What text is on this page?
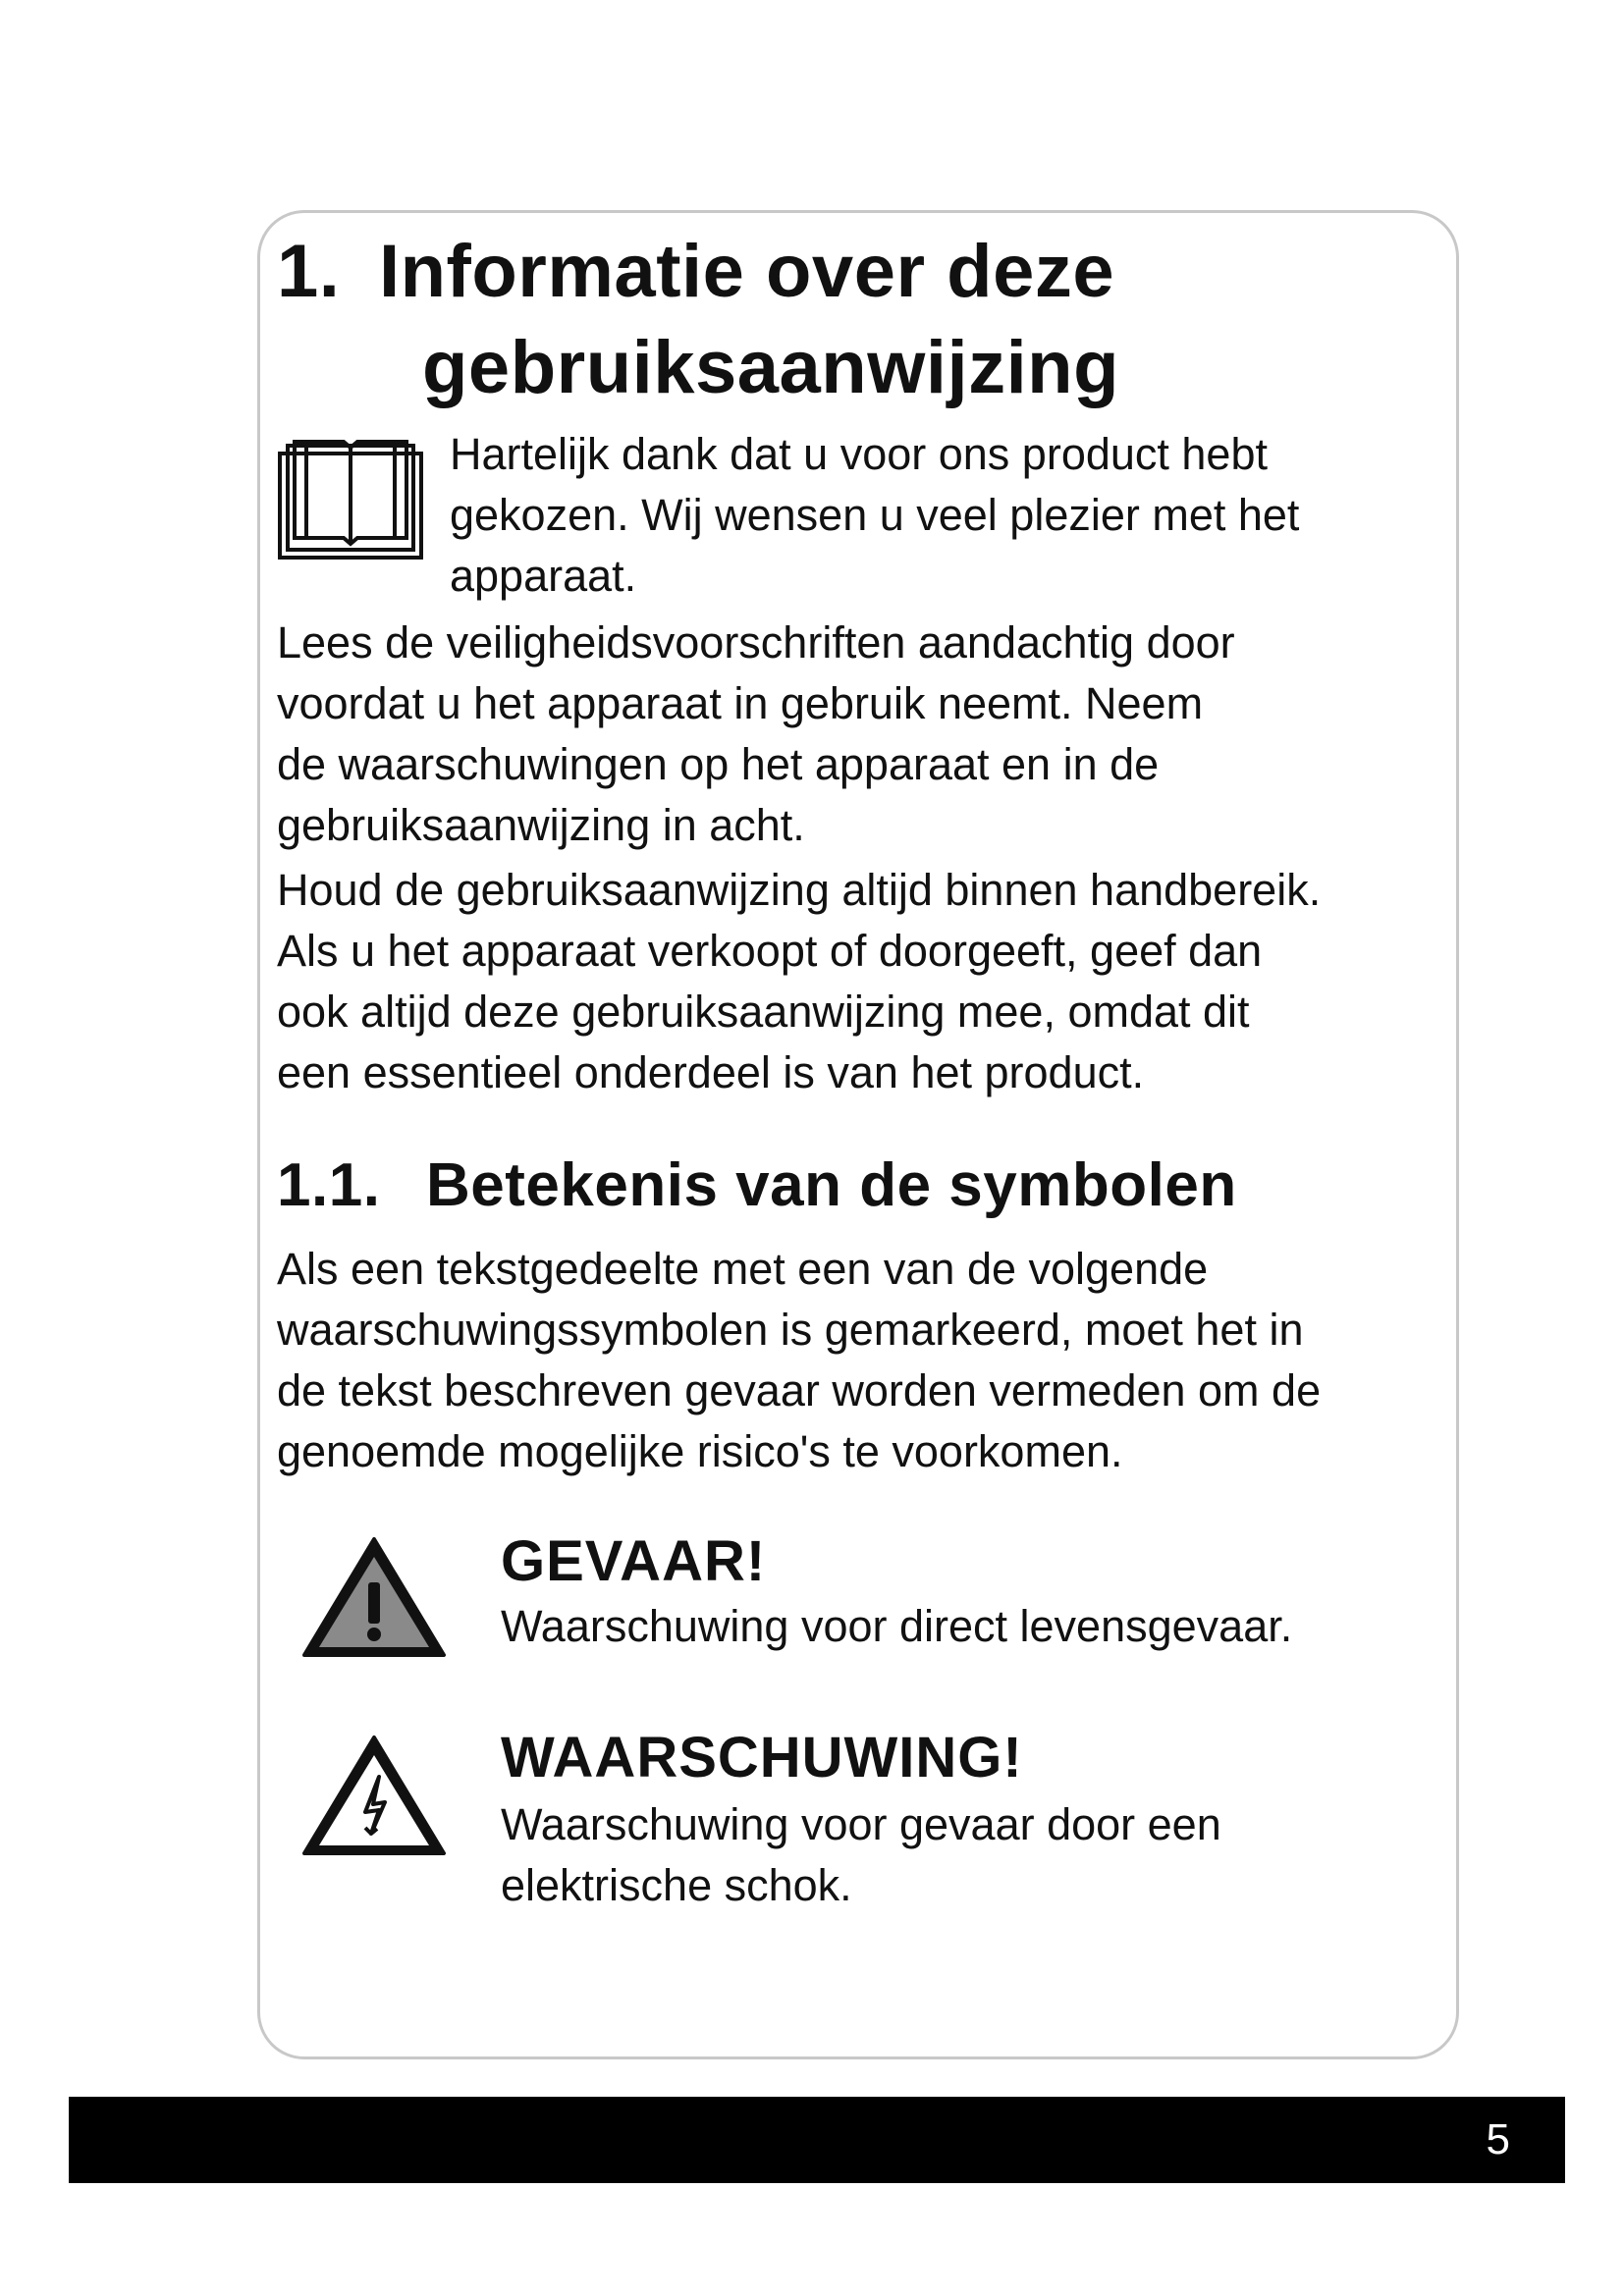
1. Informatie over deze
gebruiksaanwijzing
Hartelijk dank dat u voor ons product hebt
gekozen. Wij wensen u veel plezier met het
apparaat.
Lees de veiligheidsvoorschriften aandachtig door
voordat u het apparaat in gebruik neemt. Neem
de waarschuwingen op het apparaat en in de
gebruiksaanwijzing in acht.
Houd de gebruiksaanwijzing altijd binnen handbereik.
Als u het apparaat verkoopt of doorgeeft, geef dan
ook altijd deze gebruiksaanwijzing mee, omdat dit
een essentieel onderdeel is van het product.
1.1. Betekenis van de symbolen
Als een tekstgedeelte met een van de volgende
waarschuwingssymbolen is gemarkeerd, moet het in
de tekst beschreven gevaar worden vermeden om de
genoemde mogelijke risico's te voorkomen.
GEVAAR!
Waarschuwing voor direct levensgevaar.
WAARSCHUWING!
Waarschuwing voor gevaar door een
elektrische schok.
5
